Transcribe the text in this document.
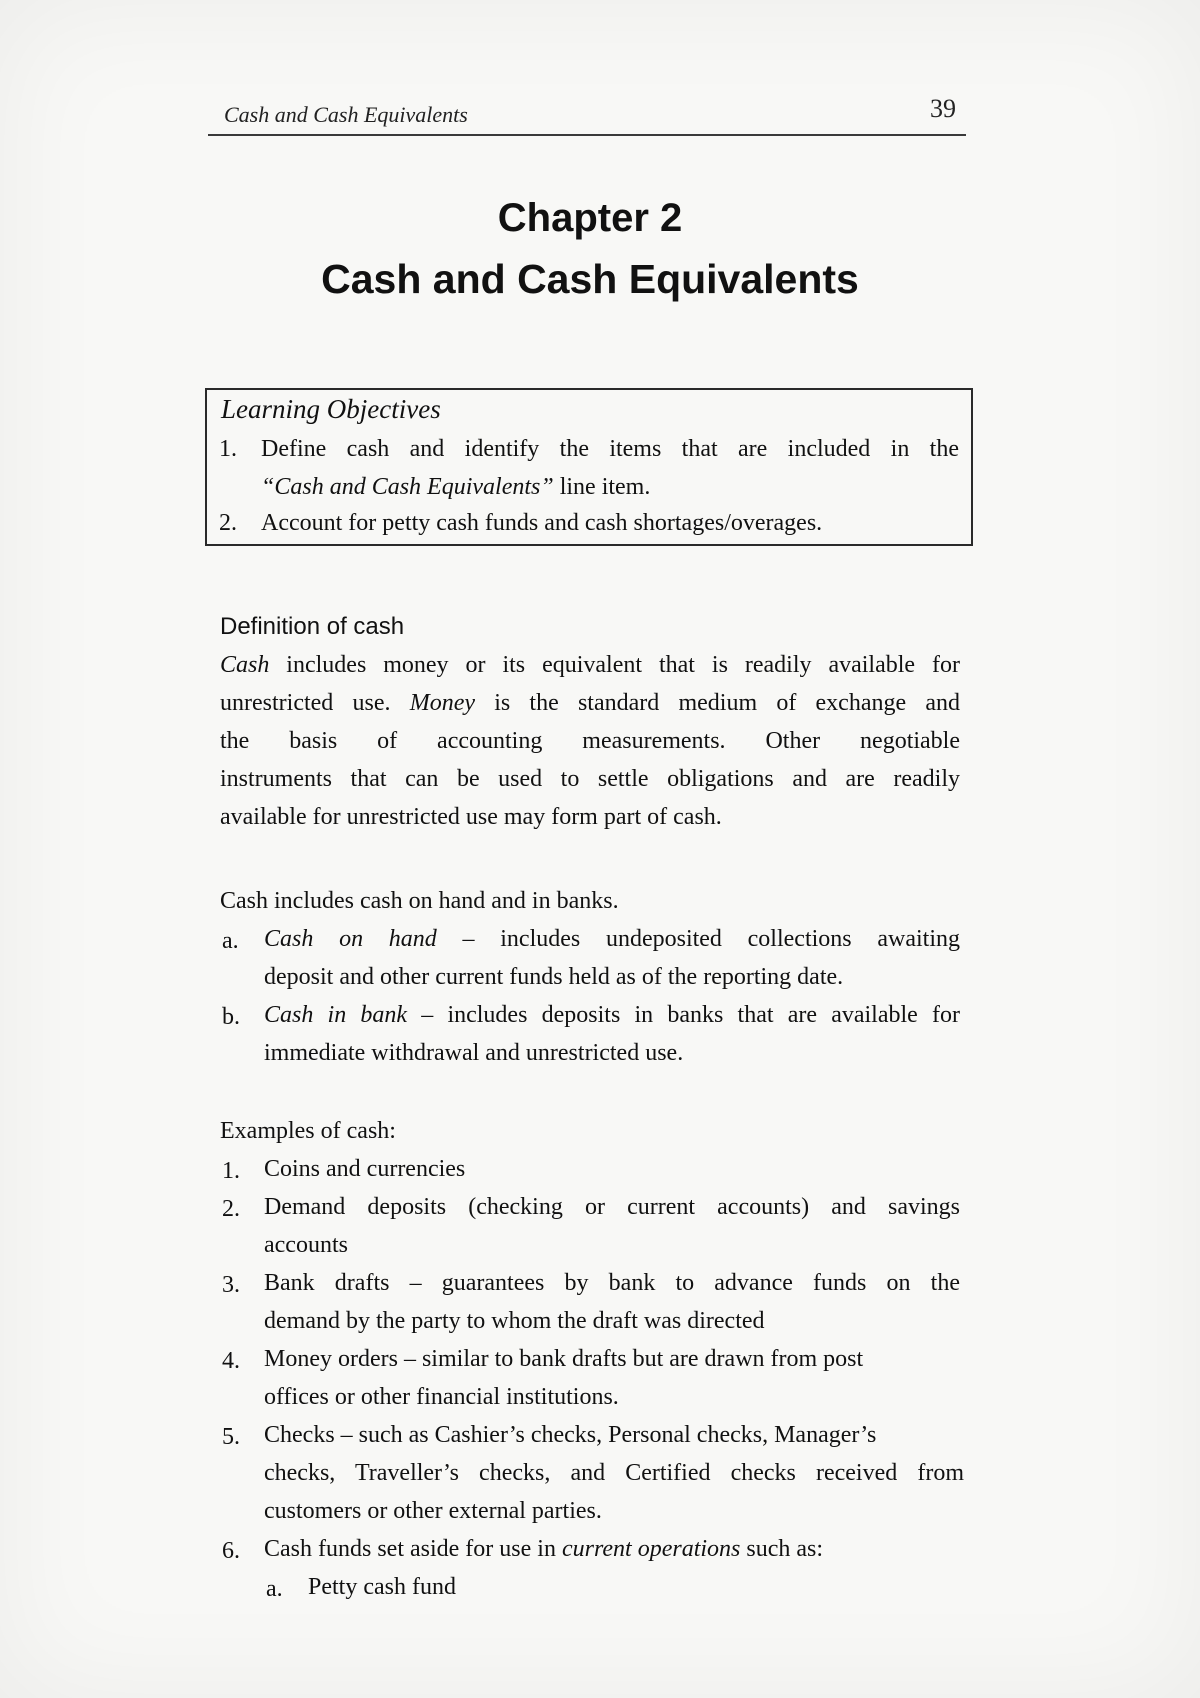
Cash and Cash Equivalents	39
Chapter 2
Cash and Cash Equivalents
Learning Objectives
1. Define cash and identify the items that are included in the
“Cash and Cash Equivalents” line item.
2. Account for petty cash funds and cash shortages/overages.
Definition of cash
Cash includes money or its equivalent that is readily available for
unrestricted use. Money is the standard medium of exchange and
the basis of accounting measurements. Other negotiable
instruments that can be used to settle obligations and are readily
available for unrestricted use may form part of cash.
Cash includes cash on hand and in banks.
a. Cash on hand – includes undeposited collections awaiting
deposit and other current funds held as of the reporting date.
b. Cash in bank – includes deposits in banks that are available for
immediate withdrawal and unrestricted use.
Examples of cash:
1. Coins and currencies
2. Demand deposits (checking or current accounts) and savings
accounts
3. Bank drafts – guarantees by bank to advance funds on the
demand by the party to whom the draft was directed
4. Money orders – similar to bank drafts but are drawn from post
offices or other financial institutions.
5. Checks – such as Cashier’s checks, Personal checks, Manager’s
checks, Traveller’s checks, and Certified checks received from
customers or other external parties.
6. Cash funds set aside for use in current operations such as:
a. Petty cash fund
